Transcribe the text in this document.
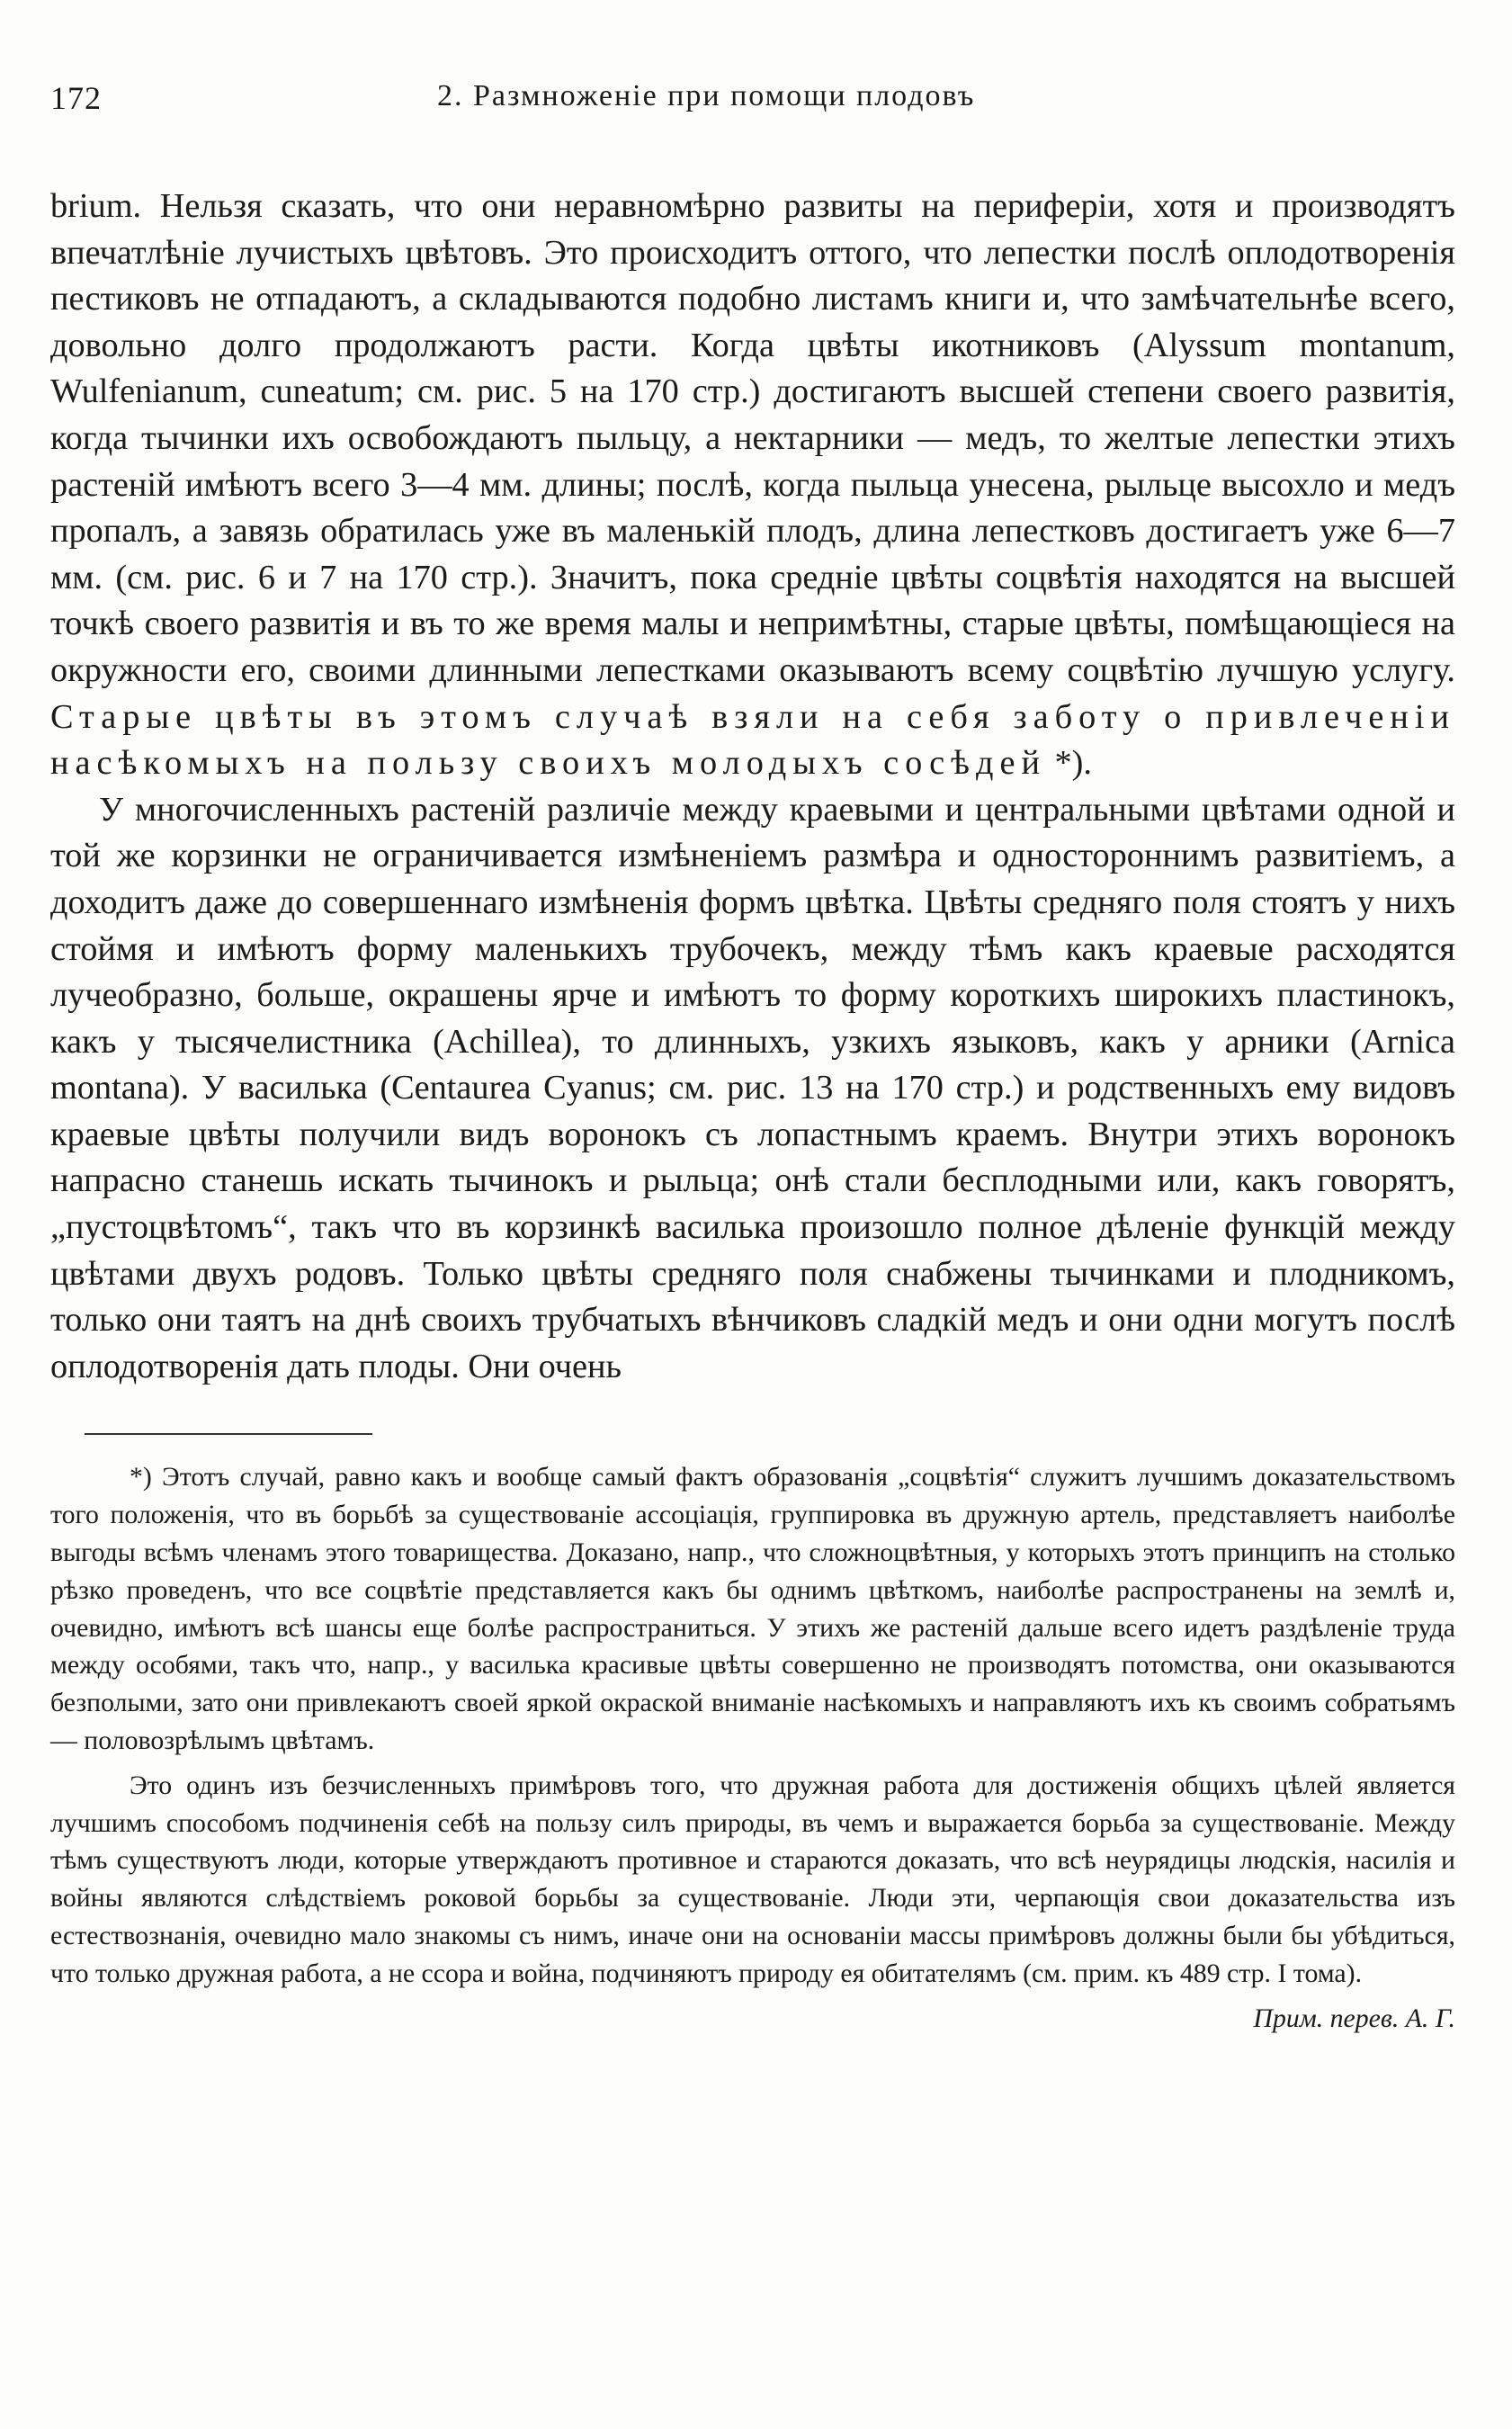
172	2. Размноженіе при помощи плодовъ

brium. Нельзя сказать, что они неравномѣрно развиты на периферіи, хотя и производятъ впечатлѣніе лучистыхъ цвѣтовъ. Это происходитъ оттого, что лепестки послѣ оплодотворенія пестиковъ не отпадаютъ, а складываются подобно листамъ книги и, что замѣчательнѣе всего, довольно долго продолжаютъ расти. Когда цвѣты икотниковъ (Alyssum montanum, Wulfenianum, cuneatum; см. рис. 5 на 170 стр.) достигаютъ высшей степени своего развитія, когда тычинки ихъ освобождаютъ пыльцу, а нектарники — медъ, то желтые лепестки этихъ растеній имѣютъ всего 3—4 мм. длины; послѣ, когда пыльца унесена, рыльце высохло и медъ пропалъ, а завязь обратилась уже въ маленькій плодъ, длина лепестковъ достигаетъ уже 6—7 мм. (см. рис. 6 и 7 на 170 стр.). Значитъ, пока средніе цвѣты соцвѣтія находятся на высшей точкѣ своего развитія и въ то же время малы и непримѣтны, старые цвѣты, помѣщающіеся на окружности его, своими длинными лепестками оказываютъ всему соцвѣтію лучшую услугу. Старые цвѣты въ этомъ случаѣ взяли на себя заботу о привлеченіи насѣкомыхъ на пользу своихъ молодыхъ сосѣдей *).

У многочисленныхъ растеній различіе между краевыми и центральными цвѣтами одной и той же корзинки не ограничивается измѣненіемъ размѣра и одностороннимъ развитіемъ, а доходитъ даже до совершеннаго измѣненія формъ цвѣтка. Цвѣты средняго поля стоятъ у нихъ стоймя и имѣютъ форму маленькихъ трубочекъ, между тѣмъ какъ краевые расходятся лучеобразно, больше, окрашены ярче и имѣютъ то форму короткихъ широкихъ пластинокъ, какъ у тысячелистника (Achillea), то длинныхъ, узкихъ языковъ, какъ у арники (Arnica montana). У василька (Centaurea Cyanus; см. рис. 13 на 170 стр.) и родственныхъ ему видовъ краевые цвѣты получили видъ воронокъ съ лопастнымъ краемъ. Внутри этихъ воронокъ напрасно станешь искать тычинокъ и рыльца; онѣ стали бесплодными или, какъ говорятъ, „пустоцвѣтомъ“, такъ что въ корзинкѣ василька произошло полное дѣленіе функцій между цвѣтами двухъ родовъ. Только цвѣты средняго поля снабжены тычинками и плодникомъ, только они таятъ на днѣ своихъ трубчатыхъ вѣнчиковъ сладкій медъ и они одни могутъ послѣ оплодотворенія дать плоды. Они очень

*) Этотъ случай, равно какъ и вообще самый фактъ образованія „соцвѣтія“ служитъ лучшимъ доказательствомъ того положенія, что въ борьбѣ за существованіе ассоціація, группировка въ дружную артель, представляетъ наиболѣе выгоды всѣмъ членамъ этого товарищества. Доказано, напр., что сложноцвѣтныя, у которыхъ этотъ принципъ на столько рѣзко проведенъ, что все соцвѣтіе представляется какъ бы однимъ цвѣткомъ, наиболѣе распространены на землѣ и, очевидно, имѣютъ всѣ шансы еще болѣе распространиться. У этихъ же растеній дальше всего идетъ раздѣленіе труда между особями, такъ что, напр., у василька красивые цвѣты совершенно не производятъ потомства, они оказываются безполыми, зато они привлекаютъ своей яркой окраской вниманіе насѣкомыхъ и направляютъ ихъ къ своимъ собратьямъ — половозрѣлымъ цвѣтамъ.

Это одинъ изъ безчисленныхъ примѣровъ того, что дружная работа для достиженія общихъ цѣлей является лучшимъ способомъ подчиненія себѣ на пользу силъ природы, въ чемъ и выражается борьба за существованіе. Между тѣмъ существуютъ люди, которые утверждаютъ противное и стараются доказать, что всѣ неурядицы людскія, насилія и войны являются слѣдствіемъ роковой борьбы за существованіе. Люди эти, черпающія свои доказательства изъ естествознанія, очевидно мало знакомы съ нимъ, иначе они на основаніи массы примѣровъ должны были бы убѣдиться, что только дружная работа, а не ссора и война, подчиняютъ природу ея обитателямъ (см. прим. къ 489 стр. I тома).

Прим. перев. А. Г.
